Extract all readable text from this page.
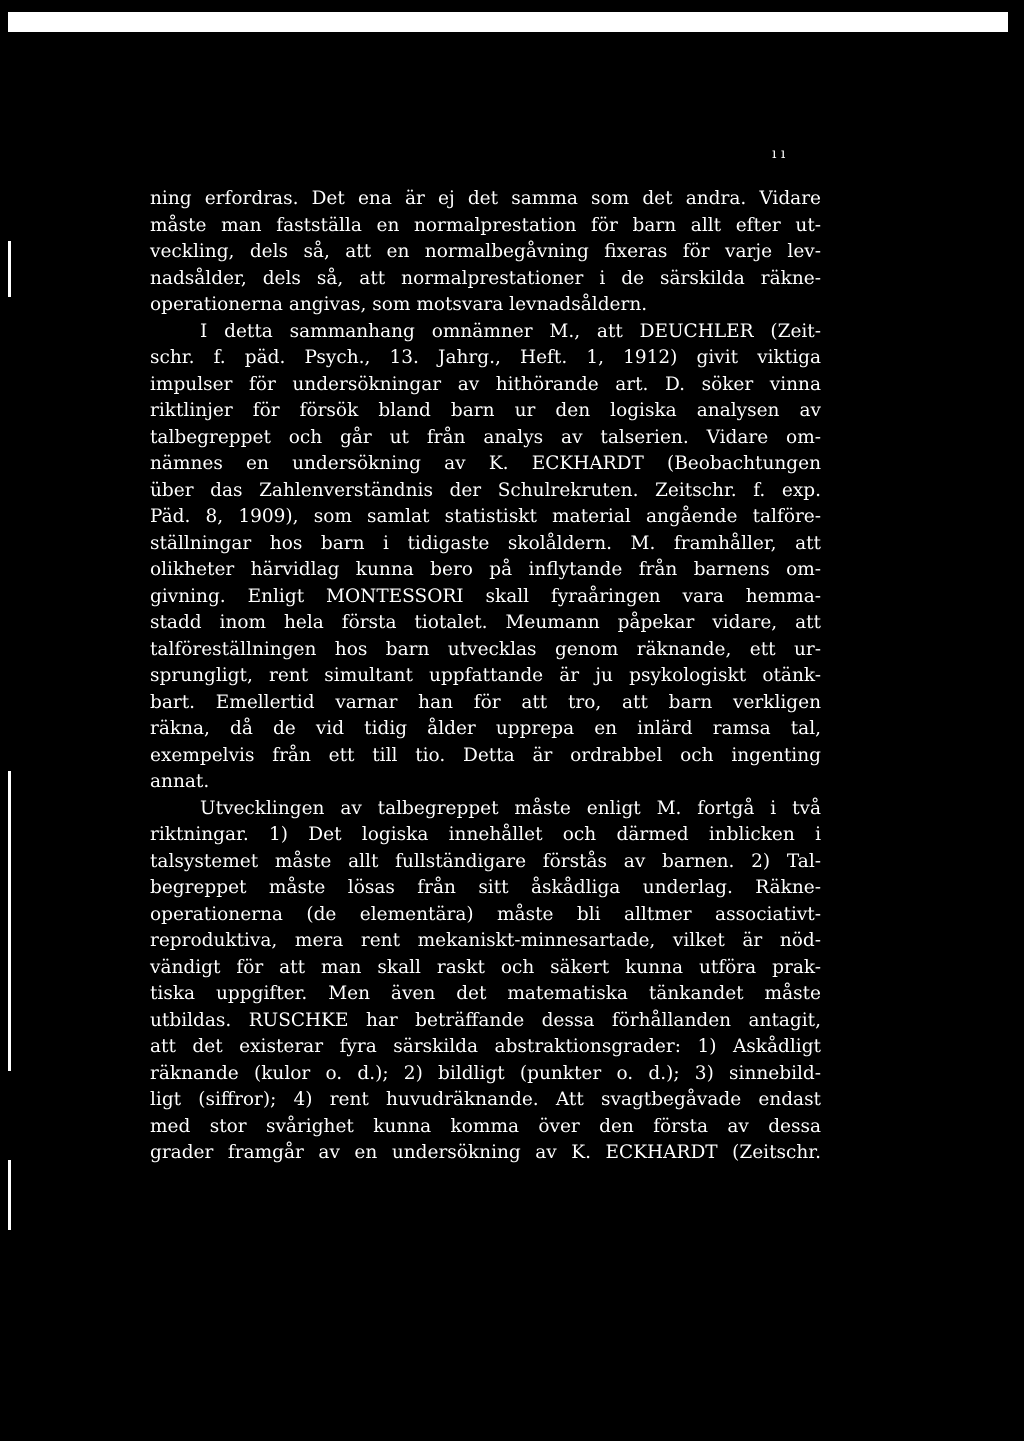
ı ı
ning erfordras. Det ena är ej det samma som det andra. Vidare
måste man fastställa en normalprestation för barn allt efter ut-
veckling, dels så, att en normalbegåvning fixeras för varje lev-
nadsålder, dels så, att normalprestationer i de särskilda räkne-
operationerna angivas, som motsvara levnadsåldern.
I detta sammanhang omnämner M., att DEUCHLER (Zeit-
schr. f. päd. Psych., 13. Jahrg., Heft. 1, 1912) givit viktiga
impulser för undersökningar av hithörande art. D. söker vinna
riktlinjer för försök bland barn ur den logiska analysen av
talbegreppet och går ut från analys av talserien. Vidare om-
nämnes en undersökning av K. ECKHARDT (Beobachtungen
über das Zahlenverständnis der Schulrekruten. Zeitschr. f. exp.
Päd. 8, 1909), som samlat statistiskt material angående talföre-
ställningar hos barn i tidigaste skolåldern. M. framhåller, att
olikheter härvidlag kunna bero på inflytande från barnens om-
givning. Enligt MONTESSORI skall fyraåringen vara hemma-
stadd inom hela första tiotalet. Meumann påpekar vidare, att
talföreställningen hos barn utvecklas genom räknande, ett ur-
sprungligt, rent simultant uppfattande är ju psykologiskt otänk-
bart. Emellertid varnar han för att tro, att barn verkligen
räkna, då de vid tidig ålder upprepa en inlärd ramsa tal,
exempelvis från ett till tio. Detta är ordrabbel och ingenting
annat.
Utvecklingen av talbegreppet måste enligt M. fortgå i två
riktningar. 1) Det logiska innehållet och därmed inblicken i
talsystemet måste allt fullständigare förstås av barnen. 2) Tal-
begreppet måste lösas från sitt åskådliga underlag. Räkne-
operationerna (de elementära) måste bli alltmer associativt-
reproduktiva, mera rent mekaniskt-minnesartade, vilket är nöd-
vändigt för att man skall raskt och säkert kunna utföra prak-
tiska uppgifter. Men även det matematiska tänkandet måste
utbildas. RUSCHKE har beträffande dessa förhållanden antagit,
att det existerar fyra särskilda abstraktionsgrader: 1) Askådligt
räknande (kulor o. d.); 2) bildligt (punkter o. d.); 3) sinnebild-
ligt (siffror); 4) rent huvudräknande. Att svagtbegåvade endast
med stor svårighet kunna komma över den första av dessa
grader framgår av en undersökning av K. ECKHARDT (Zeitschr.
